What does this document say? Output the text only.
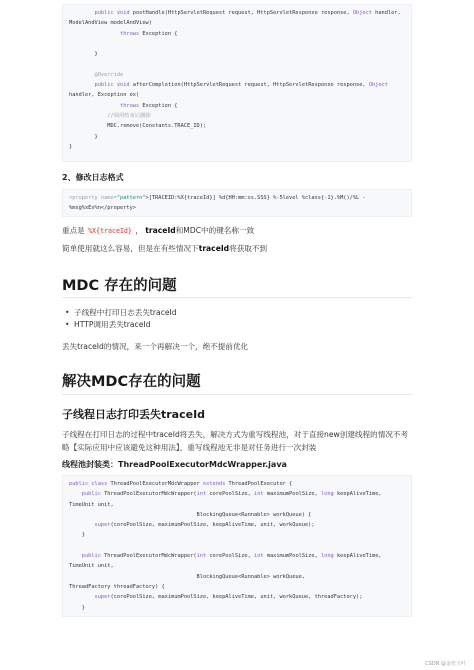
public void postHandle(HttpServletRequest request, HttpServletResponse response, Object handler,
ModelAndView modelAndView)
throws Exception {
}
@Override
public void afterCompletion(HttpServletRequest request, HttpServletResponse response, Object
handler, Exception ex)
throws Exception {
//调用结束后删除
MDC.remove(Constants.TRACE_ID);
}
}
2、修改日志格式
<property name="pattern">[TRACEID:%X{traceId}] %d{HH:mm:ss.SSS} %-5level %class{-1}.%M()/%L -
%msg%xEx%n</property>
重点是 %X{traceId} ， traceId和MDC中的键名称一致
简单使用就这么容易，但是在有些情况下traceId将获取不到
MDC 存在的问题
• 子线程中打印日志丢失traceId
• HTTP调用丢失traceId
丢失traceId的情况，来一个再解决一个，绝不提前优化
解决MDC存在的问题
子线程日志打印丢失traceId
子线程在打印日志的过程中traceId将丢失，解决方式为重写线程池，对于直接new创建线程的情况不考
略【实际应用中应该避免这种用法】，重写线程池无非是对任务进行一次封装
线程池封装类：ThreadPoolExecutorMdcWrapper.java
public class ThreadPoolExecutorMdcWrapper extends ThreadPoolExecutor {
public ThreadPoolExecutorMdcWrapper(int corePoolSize, int maximumPoolSize, long keepAliveTime,
TimeUnit unit,
BlockingQueue<Runnable> workQueue) {
super(corePoolSize, maximumPoolSize, keepAliveTime, unit, workQueue);
}
public ThreadPoolExecutorMdcWrapper(int corePoolSize, int maximumPoolSize, long keepAliveTime,
TimeUnit unit,
BlockingQueue<Runnable> workQueue,
ThreadFactory threadFactory) {
super(corePoolSize, maximumPoolSize, keepAliveTime, unit, workQueue, threadFactory);
}
CSDN @金丝玉叶
